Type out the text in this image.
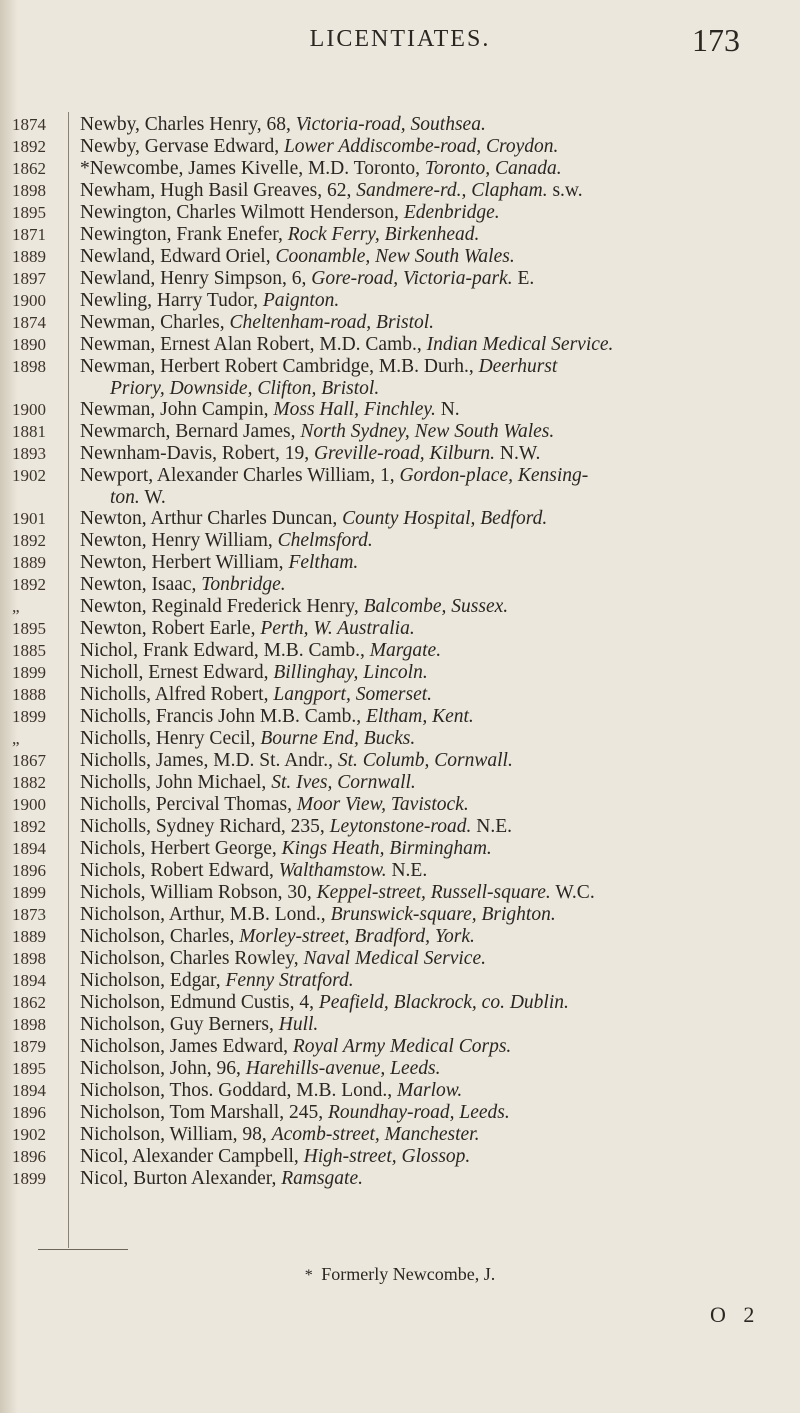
LICENTIATES.	173
1874	Newby, Charles Henry, 68, Victoria-road, Southsea.
1892	Newby, Gervase Edward, Lower Addiscombe-road, Croydon.
1862	*Newcombe, James Kivelle, M.D. Toronto, Toronto, Canada.
1898	Newham, Hugh Basil Greaves, 62, Sandmere-rd., Clapham. s.w.
1895	Newington, Charles Wilmott Henderson, Edenbridge.
1871	Newington, Frank Enefer, Rock Ferry, Birkenhead.
1889	Newland, Edward Oriel, Coonamble, New South Wales.
1897	Newland, Henry Simpson, 6, Gore-road, Victoria-park. E.
1900	Newling, Harry Tudor, Paignton.
1874	Newman, Charles, Cheltenham-road, Bristol.
1890	Newman, Ernest Alan Robert, M.D. Camb., Indian Medical Service.
1898	Newman, Herbert Robert Cambridge, M.B. Durh., Deerhurst
Priory, Downside, Clifton, Bristol.
1900	Newman, John Campin, Moss Hall, Finchley. N.
1881	Newmarch, Bernard James, North Sydney, New South Wales.
1893	Newnham-Davis, Robert, 19, Greville-road, Kilburn. N.W.
1902	Newport, Alexander Charles William, 1, Gordon-place, Kensing-
ton. W.
1901	Newton, Arthur Charles Duncan, County Hospital, Bedford.
1892	Newton, Henry William, Chelmsford.
1889	Newton, Herbert William, Feltham.
1892	Newton, Isaac, Tonbridge.
„	Newton, Reginald Frederick Henry, Balcombe, Sussex.
1895	Newton, Robert Earle, Perth, W. Australia.
1885	Nichol, Frank Edward, M.B. Camb., Margate.
1899	Nicholl, Ernest Edward, Billinghay, Lincoln.
1888	Nicholls, Alfred Robert, Langport, Somerset.
1899	Nicholls, Francis John M.B. Camb., Eltham, Kent.
„	Nicholls, Henry Cecil, Bourne End, Bucks.
1867	Nicholls, James, M.D. St. Andr., St. Columb, Cornwall.
1882	Nicholls, John Michael, St. Ives, Cornwall.
1900	Nicholls, Percival Thomas, Moor View, Tavistock.
1892	Nicholls, Sydney Richard, 235, Leytonstone-road. N.E.
1894	Nichols, Herbert George, Kings Heath, Birmingham.
1896	Nichols, Robert Edward, Walthamstow. N.E.
1899	Nichols, William Robson, 30, Keppel-street, Russell-square. W.C.
1873	Nicholson, Arthur, M.B. Lond., Brunswick-square, Brighton.
1889	Nicholson, Charles, Morley-street, Bradford, York.
1898	Nicholson, Charles Rowley, Naval Medical Service.
1894	Nicholson, Edgar, Fenny Stratford.
1862	Nicholson, Edmund Custis, 4, Peafield, Blackrock, co. Dublin.
1898	Nicholson, Guy Berners, Hull.
1879	Nicholson, James Edward, Royal Army Medical Corps.
1895	Nicholson, John, 96, Harehills-avenue, Leeds.
1894	Nicholson, Thos. Goddard, M.B. Lond., Marlow.
1896	Nicholson, Tom Marshall, 245, Roundhay-road, Leeds.
1902	Nicholson, William, 98, Acomb-street, Manchester.
1896	Nicol, Alexander Campbell, High-street, Glossop.
1899	Nicol, Burton Alexander, Ramsgate.
* Formerly Newcombe, J.
O 2
